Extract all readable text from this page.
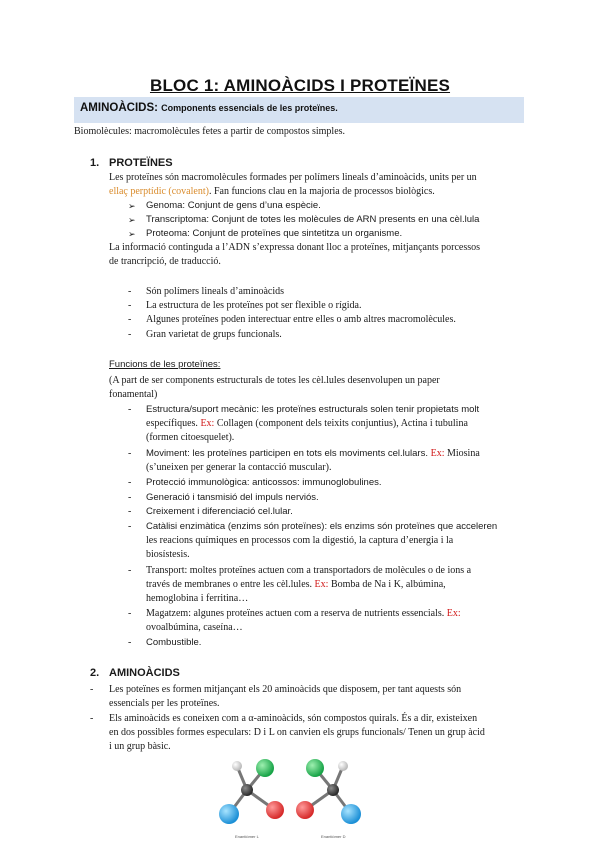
BLOC 1: AMINOÀCIDS I PROTEÏNES
AMINOÀCIDS: Components essencials de les proteïnes.
Biomolècules: macromolècules fetes a partir de compostos simples.
1. PROTEÏNES
Les proteïnes són macromolècules formades per polímers lineals d’aminoàcids, units per un
ellaç perptídic (covalent). Fan funcions clau en la majoria de processos biològics.
➢ Genoma: Conjunt de gens d’una espècie.
➢ Transcriptoma: Conjunt de totes les molècules de ARN presents en una cèl.lula
➢ Proteoma: Conjunt de proteïnes que sintetitza un organisme.
La informació continguda a l’ADN s’expressa donant lloc a proteïnes, mitjançants porcessos
de trancripció, de traducció.
- Són polímers lineals d’aminoàcids
- La estructura de les proteïnes pot ser flexible o rígida.
- Algunes proteïnes poden interectuar entre elles o amb altres macromolècules.
- Gran varietat de grups funcionals.
Funcions de les proteïnes:
(A part de ser components estructurals de totes les cèl.lules desenvolupen un paper
fonamental)
- Estructura/suport mecànic: les proteïnes estructurals solen tenir propietats molt
específiques. Ex: Collagen (component dels teixits conjuntius), Actina i tubulina
(formen citoesquelet).
- Moviment: les proteïnes participen en tots els moviments cel.lulars. Ex: Miosina
(s’uneixen per generar la contacció muscular).
- Protecció immunològica: anticossos: immunoglobulines.
- Generació i tansmisió del impuls nerviós.
- Creixement i diferenciació cel.lular.
- Catàlisi enzimàtica (enzims són proteïnes): els enzims són proteïnes que acceleren
les reacions químiques en processos com la digestió, la captura d’energia i la
biosístesis.
- Transport: moltes proteïnes actuen com a transportadors de molècules o de ions a
través de membranes o entre les cèl.lules. Ex: Bomba de Na i K, albúmina,
hemoglobina i ferritina…
- Magatzem: algunes proteïnes actuen com a reserva de nutrients essencials. Ex:
ovoalbúmina, caseína…
- Combustible.
2. AMINOÀCIDS
- Les poteïnes es formen mitjançant els 20 aminoàcids que disposem, per tant aquests són
essencials per les proteïnes.
- Els aminoàcids es coneixen com a α-aminoàcids, són compostos quirals. És a dir, existeixen
en dos possibles formes especulars: D i L on canvien els grups funcionals/ Tenen un grup àcid
i un grup bàsic.
Enantiòmer L	Enantiòmer D
